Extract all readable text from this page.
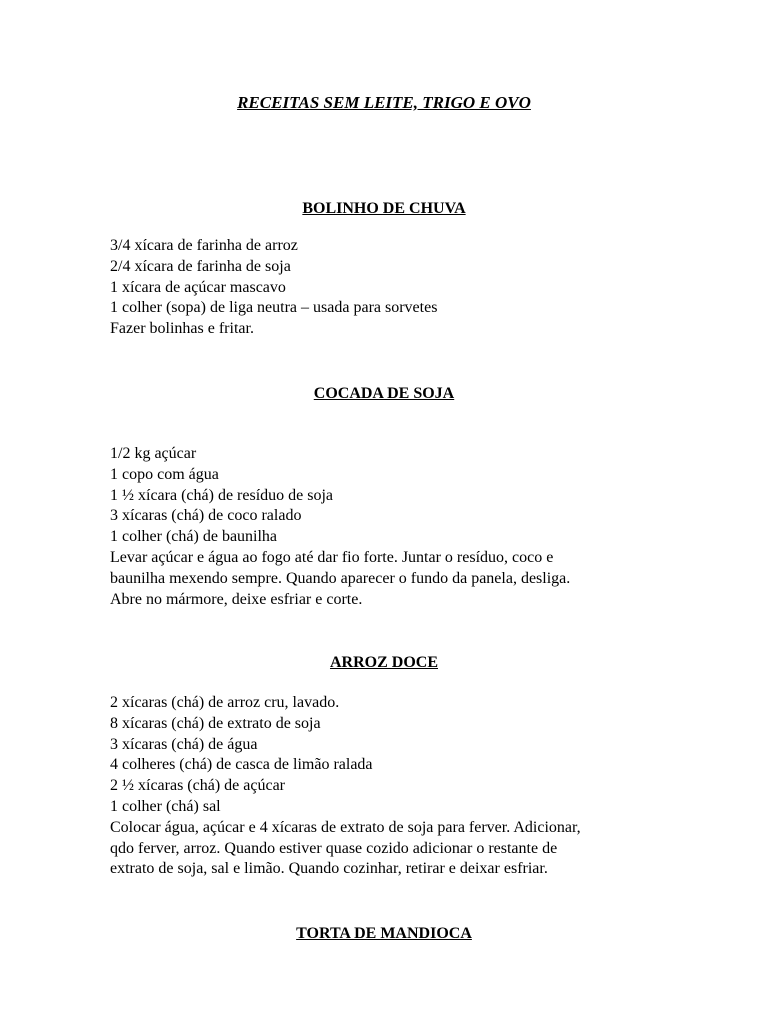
RECEITAS SEM LEITE, TRIGO E OVO
BOLINHO DE CHUVA
3/4 xícara de farinha de arroz
2/4 xícara de farinha de soja
1 xícara de açúcar mascavo
1 colher (sopa) de liga neutra – usada para sorvetes
Fazer bolinhas e fritar.
COCADA DE SOJA
1/2 kg açúcar
1 copo com água
1 ½ xícara (chá) de resíduo de soja
3 xícaras (chá) de coco ralado
1 colher (chá) de baunilha
Levar açúcar e água ao fogo até dar fio forte. Juntar o resíduo, coco e
baunilha mexendo sempre. Quando aparecer o fundo da panela, desliga.
Abre no mármore, deixe esfriar e corte.
ARROZ DOCE
2 xícaras (chá) de arroz cru, lavado.
8 xícaras (chá) de extrato de soja
3 xícaras (chá) de água
4 colheres (chá) de casca de limão ralada
2 ½ xícaras (chá) de açúcar
1 colher (chá) sal
Colocar água, açúcar e 4 xícaras de extrato de soja para ferver. Adicionar,
qdo ferver, arroz. Quando estiver quase cozido adicionar o restante de
extrato de soja, sal e limão. Quando cozinhar, retirar e deixar esfriar.
TORTA DE MANDIOCA
